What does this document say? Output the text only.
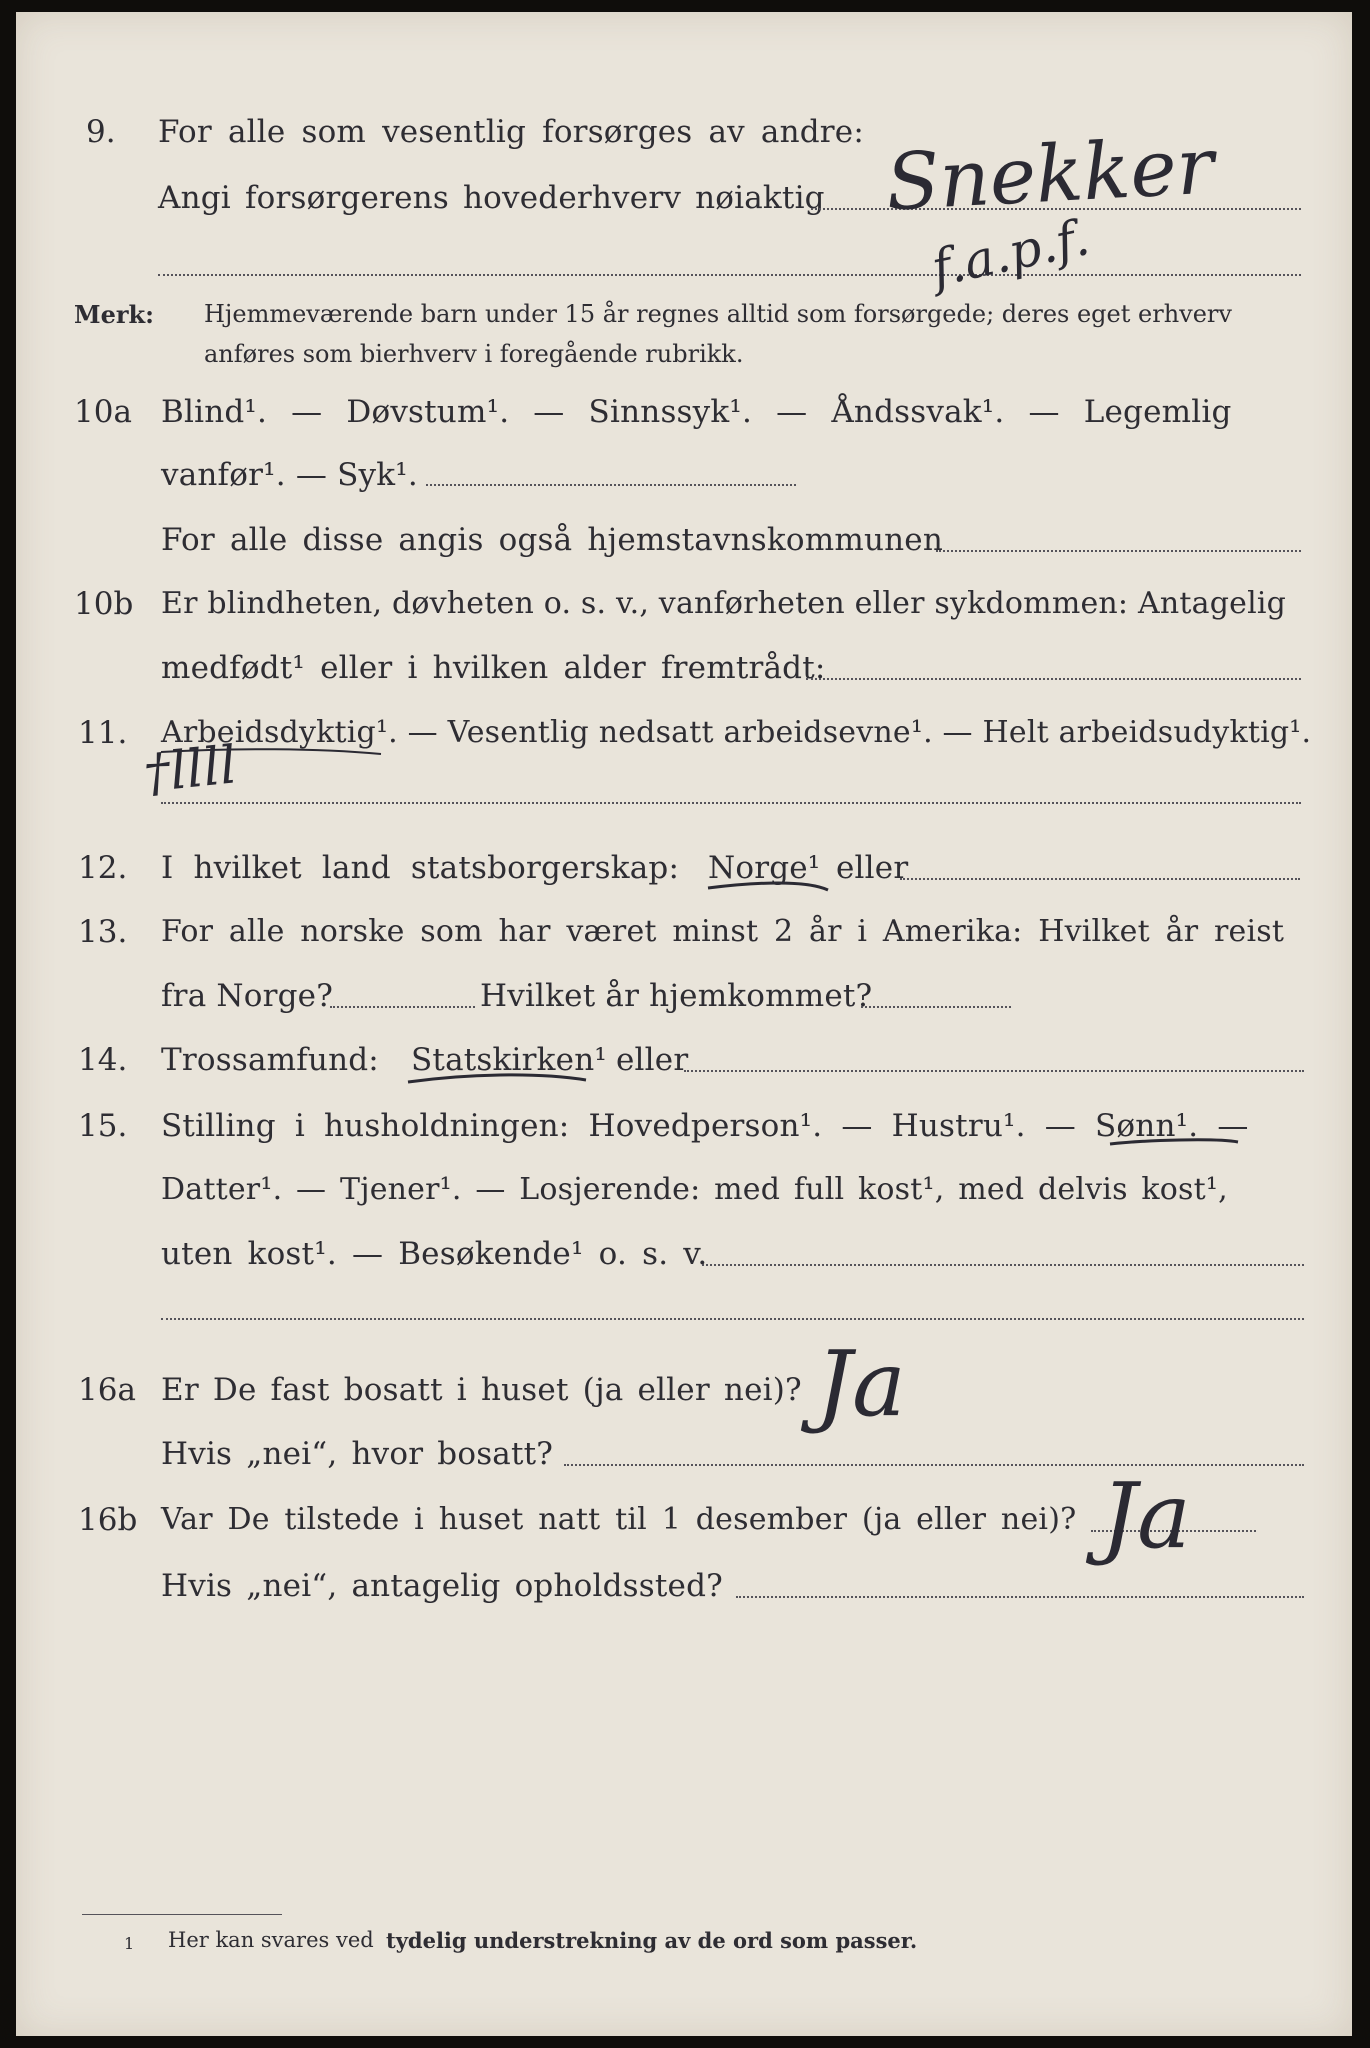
9. For alle som vesentlig forsørges av andre:
Angi forsørgerens hovederhverv nøiaktig Snekker
f.a.p.f.
Merk: Hjemmeværende barn under 15 år regnes alltid som forsørgede; deres eget erhverv
anføres som bierhverv i foregående rubrikk.
10a Blind¹. — Døvstum¹. — Sinnssyk¹. — Åndssvak¹. — Legemlig
vanfør¹. — Syk¹.
For alle disse angis også hjemstavnskommunen
10b Er blindheten, døvheten o. s. v., vanførheten eller sykdommen: Antagelig
medfødt¹ eller i hvilken alder fremtrådt:
11. Arbeidsdyktig¹. — Vesentlig nedsatt arbeidsevne¹. — Helt arbeidsudyktig¹.
†llll
12. I hvilket land statsborgerskap: Norge¹ eller
13. For alle norske som har været minst 2 år i Amerika: Hvilket år reist
fra Norge?	Hvilket år hjemkommet?
14. Trossamfund: Statskirken¹ eller
15. Stilling i husholdningen: Hovedperson¹. — Hustru¹. — Sønn¹. —
Datter¹. — Tjener¹. — Losjerende: med full kost¹, med delvis kost¹,
uten kost¹. — Besøkende¹ o. s. v.
16a Er De fast bosatt i huset (ja eller nei)? Ja
Hvis „nei“, hvor bosatt?
16b Var De tilstede i huset natt til 1 desember (ja eller nei)? Ja
Hvis „nei“, antagelig opholdssted?
1 Her kan svares ved tydelig understrekning av de ord som passer.
